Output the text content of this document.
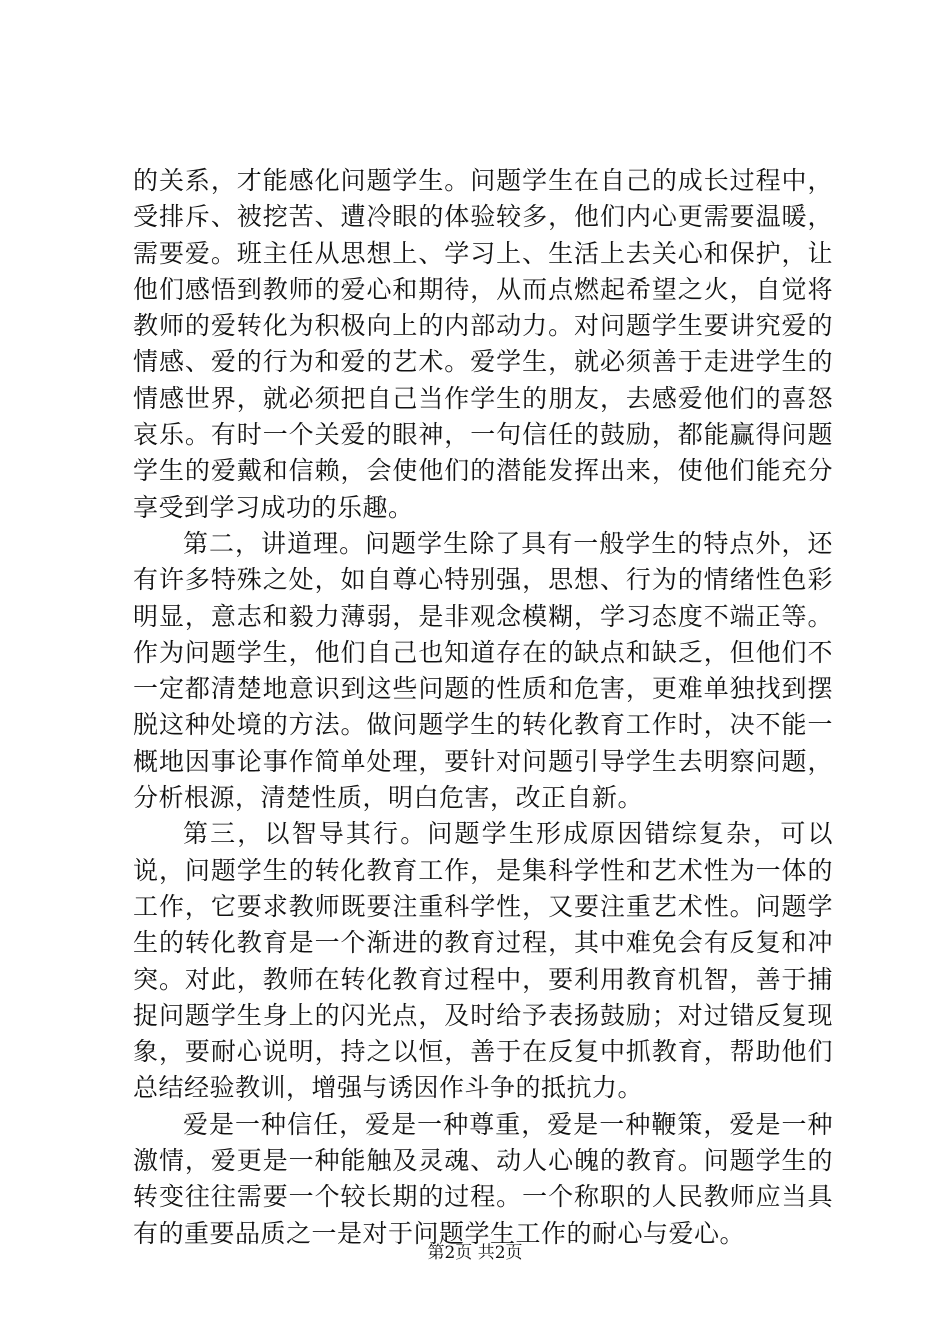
的关系，才能感化问题学生。问题学生在自己的成长过程中，受排斥、被挖苦、遭冷眼的体验较多，他们内心更需要温暖，需要爱。班主任从思想上、学习上、生活上去关心和保护，让他们感悟到教师的爱心和期待，从而点燃起希望之火，自觉将教师的爱转化为积极向上的内部动力。对问题学生要讲究爱的情感、爱的行为和爱的艺术。爱学生，就必须善于走进学生的情感世界，就必须把自己当作学生的朋友，去感爱他们的喜怒哀乐。有时一个关爱的眼神，一句信任的鼓励，都能赢得问题学生的爱戴和信赖，会使他们的潜能发挥出来，使他们能充分享受到学习成功的乐趣。

第二，讲道理。问题学生除了具有一般学生的特点外，还有许多特殊之处，如自尊心特别强，思想、行为的情绪性色彩明显，意志和毅力薄弱，是非观念模糊，学习态度不端正等。作为问题学生，他们自己也知道存在的缺点和缺乏，但他们不一定都清楚地意识到这些问题的性质和危害，更难单独找到摆脱这种处境的方法。做问题学生的转化教育工作时，决不能一概地因事论事作简单处理，要针对问题引导学生去明察问题，分析根源，清楚性质，明白危害，改正自新。

第三，以智导其行。问题学生形成原因错综复杂，可以说，问题学生的转化教育工作，是集科学性和艺术性为一体的工作，它要求教师既要注重科学性，又要注重艺术性。问题学生的转化教育是一个渐进的教育过程，其中难免会有反复和冲突。对此，教师在转化教育过程中，要利用教育机智，善于捕捉问题学生身上的闪光点，及时给予表扬鼓励；对过错反复现象，要耐心说明，持之以恒，善于在反复中抓教育，帮助他们总结经验教训，增强与诱因作斗争的抵抗力。

爱是一种信任，爱是一种尊重，爱是一种鞭策，爱是一种激情，爱更是一种能触及灵魂、动人心魄的教育。问题学生的转变往往需要一个较长期的过程。一个称职的人民教师应当具有的重要品质之一是对于问题学生工作的耐心与爱心。

第2页 共2页
